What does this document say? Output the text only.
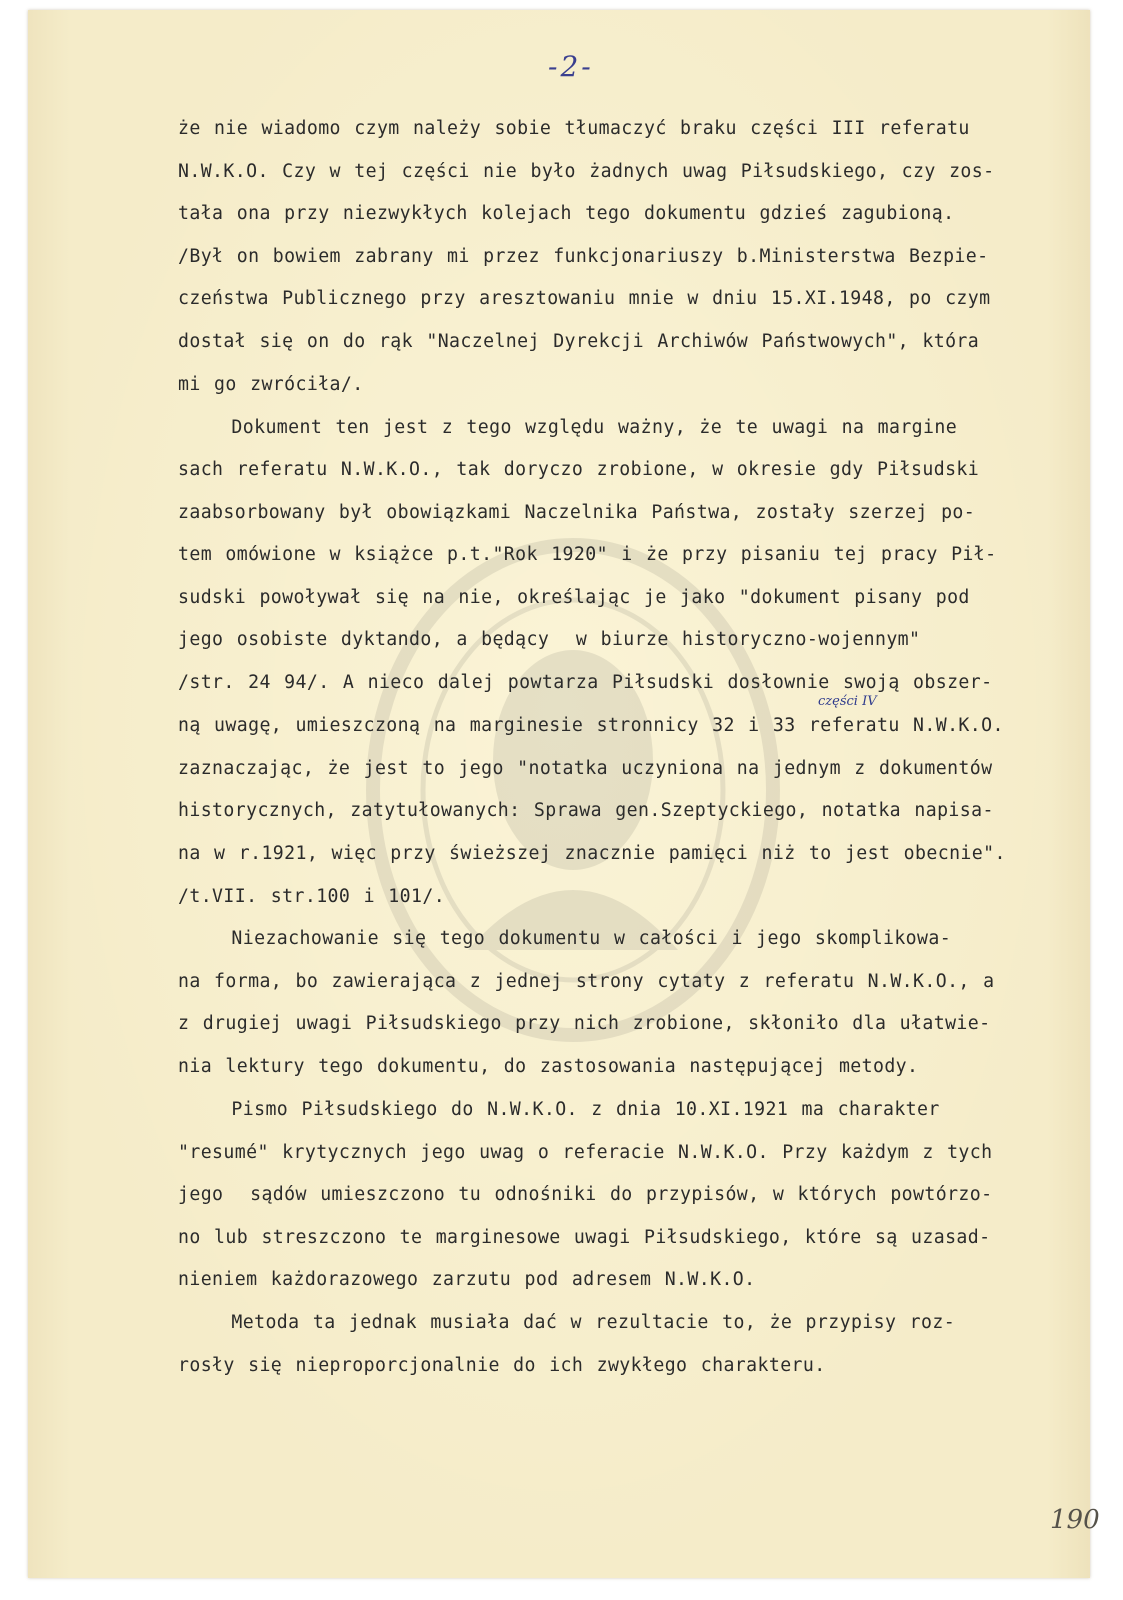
-2-
części IV

że nie wiadomo czym należy sobie tłumaczyć braku części III referatu

N.W.K.O. Czy w tej części nie było żadnych uwag Piłsudskiego, czy zos-

tała ona przy niezwykłych kolejach tego dokumentu gdzieś zagubioną.

/Był on bowiem zabrany mi przez funkcjonariuszy b.Ministerstwa Bezpie-

czeństwa Publicznego przy aresztowaniu mnie w dniu 15.XI.1948, po czym

dostał się on do rąk "Naczelnej Dyrekcji Archiwów Państwowych", która

mi go zwróciła/.

Dokument ten jest z tego względu ważny, że te uwagi na margine

sach referatu N.W.K.O., tak doryczo zrobione, w okresie gdy Piłsudski

zaabsorbowany był obowiązkami Naczelnika Państwa, zostały szerzej po-

tem omówione w książce p.t."Rok 1920" i że przy pisaniu tej pracy Pił-

sudski powoływał się na nie, określając je jako "dokument pisany pod

jego osobiste dyktando, a będący  w biurze historyczno-wojennym"

/str. 24 94/. A nieco dalej powtarza Piłsudski dosłownie swoją obszer-

ną uwagę, umieszczoną na marginesie stronnicy 32 i 33 referatu N.W.K.O.

zaznaczając, że jest to jego "notatka uczyniona na jednym z dokumentów

historycznych, zatytułowanych: Sprawa gen.Szeptyckiego, notatka napisa-

na w r.1921, więc przy świeższej znacznie pamięci niż to jest obecnie".

/t.VII. str.100 i 101/.

Niezachowanie się tego dokumentu w całości i jego skomplikowa-

na forma, bo zawierająca z jednej strony cytaty z referatu N.W.K.O., a

z drugiej uwagi Piłsudskiego przy nich zrobione, skłoniło dla ułatwie-

nia lektury tego dokumentu, do zastosowania następującej metody.

Pismo Piłsudskiego do N.W.K.O. z dnia 10.XI.1921 ma charakter

"resumé" krytycznych jego uwag o referacie N.W.K.O. Przy każdym z tych

jego  sądów umieszczono tu odnośniki do przypisów, w których powtórzo-

no lub streszczono te marginesowe uwagi Piłsudskiego, które są uzasad-

nieniem każdorazowego zarzutu pod adresem N.W.K.O.

Metoda ta jednak musiała dać w rezultacie to, że przypisy roz-

rosły się nieproporcjonalnie do ich zwykłego charakteru.

190
